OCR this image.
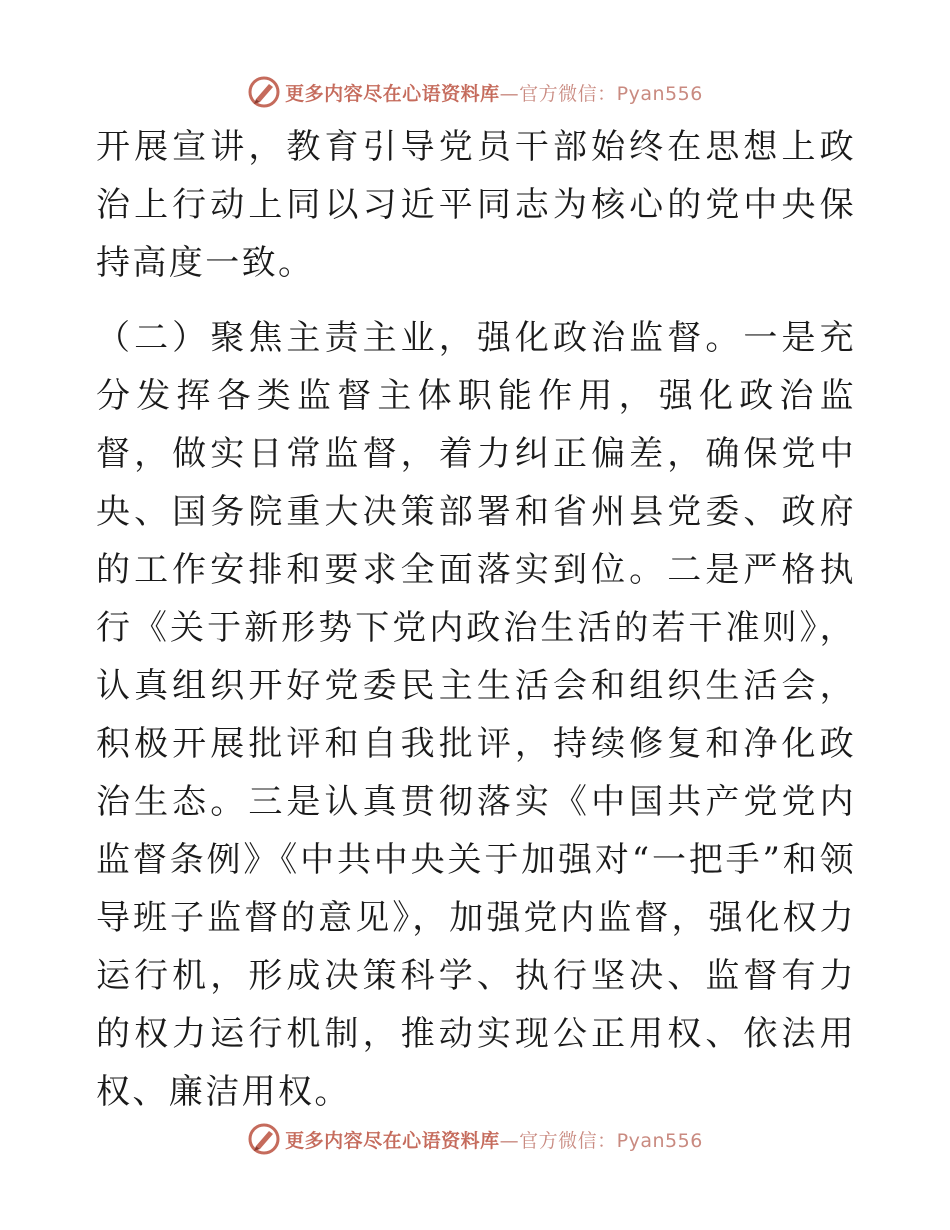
更多内容尽在心语资料库—官方微信：Pyan556

开展宣讲，教育引导党员干部始终在思想上政治上行动上同以习近平同志为核心的党中央保持高度一致。

（二）聚焦主责主业，强化政治监督。一是充分发挥各类监督主体职能作用，强化政治监督，做实日常监督，着力纠正偏差，确保党中央、国务院重大决策部署和省州县党委、政府的工作安排和要求全面落实到位。二是严格执行《关于新形势下党内政治生活的若干准则》，认真组织开好党委民主生活会和组织生活会，积极开展批评和自我批评，持续修复和净化政治生态。三是认真贯彻落实《中国共产党党内监督条例》《中共中央关于加强对“一把手”和领导班子监督的意见》，加强党内监督，强化权力运行机，形成决策科学、执行坚决、监督有力的权力运行机制，推动实现公正用权、依法用权、廉洁用权。

更多内容尽在心语资料库—官方微信：Pyan556
